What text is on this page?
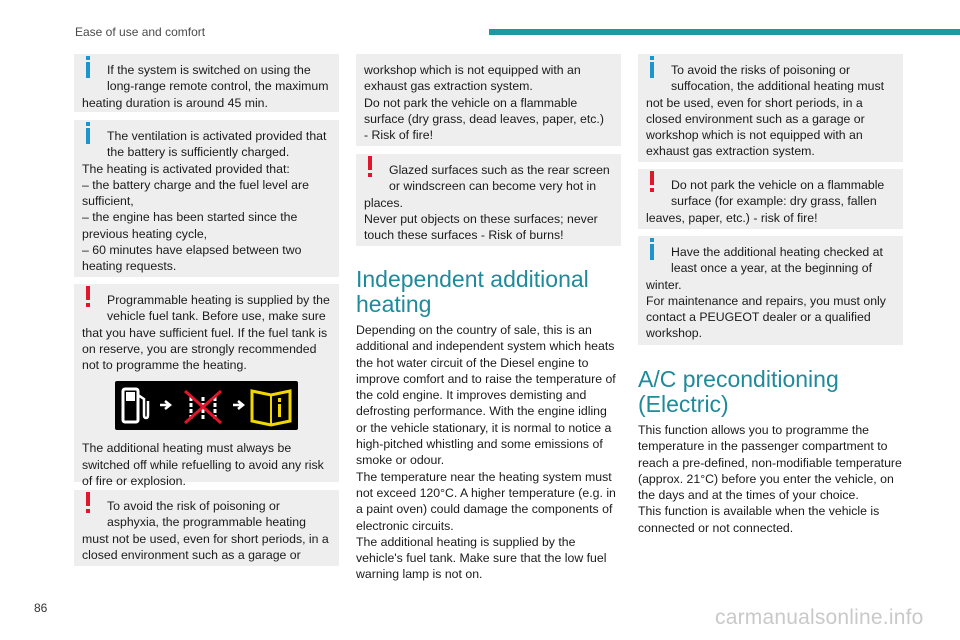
Ease of use and comfort

If the system is switched on using the long-range remote control, the maximum

heating duration is around 45 min.

The ventilation is activated provided that the battery is sufficiently charged.

The heating is activated provided that:

– the battery charge and the fuel level are sufficient,

– the engine has been started since the previous heating cycle,

– 60 minutes have elapsed between two heating requests.

Programmable heating is supplied by the vehicle fuel tank. Before use, make sure

that you have sufficient fuel. If the fuel tank is on reserve, you are strongly recommended not to programme the heating.

The additional heating must always be switched off while refuelling to avoid any risk of fire or explosion.

To avoid the risk of poisoning or asphyxia, the programmable heating

must not be used, even for short periods, in a closed environment such as a garage or

workshop which is not equipped with an exhaust gas extraction system.

Do not park the vehicle on a flammable surface (dry grass, dead leaves, paper, etc.)

- Risk of fire!

Glazed surfaces such as the rear screen or windscreen can become very hot in

places.

Never put objects on these surfaces; never touch these surfaces - Risk of burns!

Independent additional heating

Depending on the country of sale, this is an additional and independent system which heats the hot water circuit of the Diesel engine to improve comfort and to raise the temperature of the cold engine. It improves demisting and defrosting performance. With the engine idling or the vehicle stationary, it is normal to notice a high-pitched whistling and some emissions of smoke or odour.

The temperature near the heating system must not exceed 120°C. A higher temperature (e.g. in a paint oven) could damage the components of electronic circuits.

The additional heating is supplied by the vehicle's fuel tank. Make sure that the low fuel warning lamp is not on.

To avoid the risks of poisoning or suffocation, the additional heating must

not be used, even for short periods, in a closed environment such as a garage or workshop which is not equipped with an exhaust gas extraction system.

Do not park the vehicle on a flammable surface (for example: dry grass, fallen

leaves, paper, etc.) - risk of fire!

Have the additional heating checked at least once a year, at the beginning of

winter.

For maintenance and repairs, you must only contact a PEUGEOT dealer or a qualified workshop.

A/C preconditioning (Electric)

This function allows you to programme the temperature in the passenger compartment to reach a pre-defined, non-modifiable temperature (approx. 21°C) before you enter the vehicle, on the days and at the times of your choice.

This function is available when the vehicle is connected or not connected.

86	carmanualsonline.info
